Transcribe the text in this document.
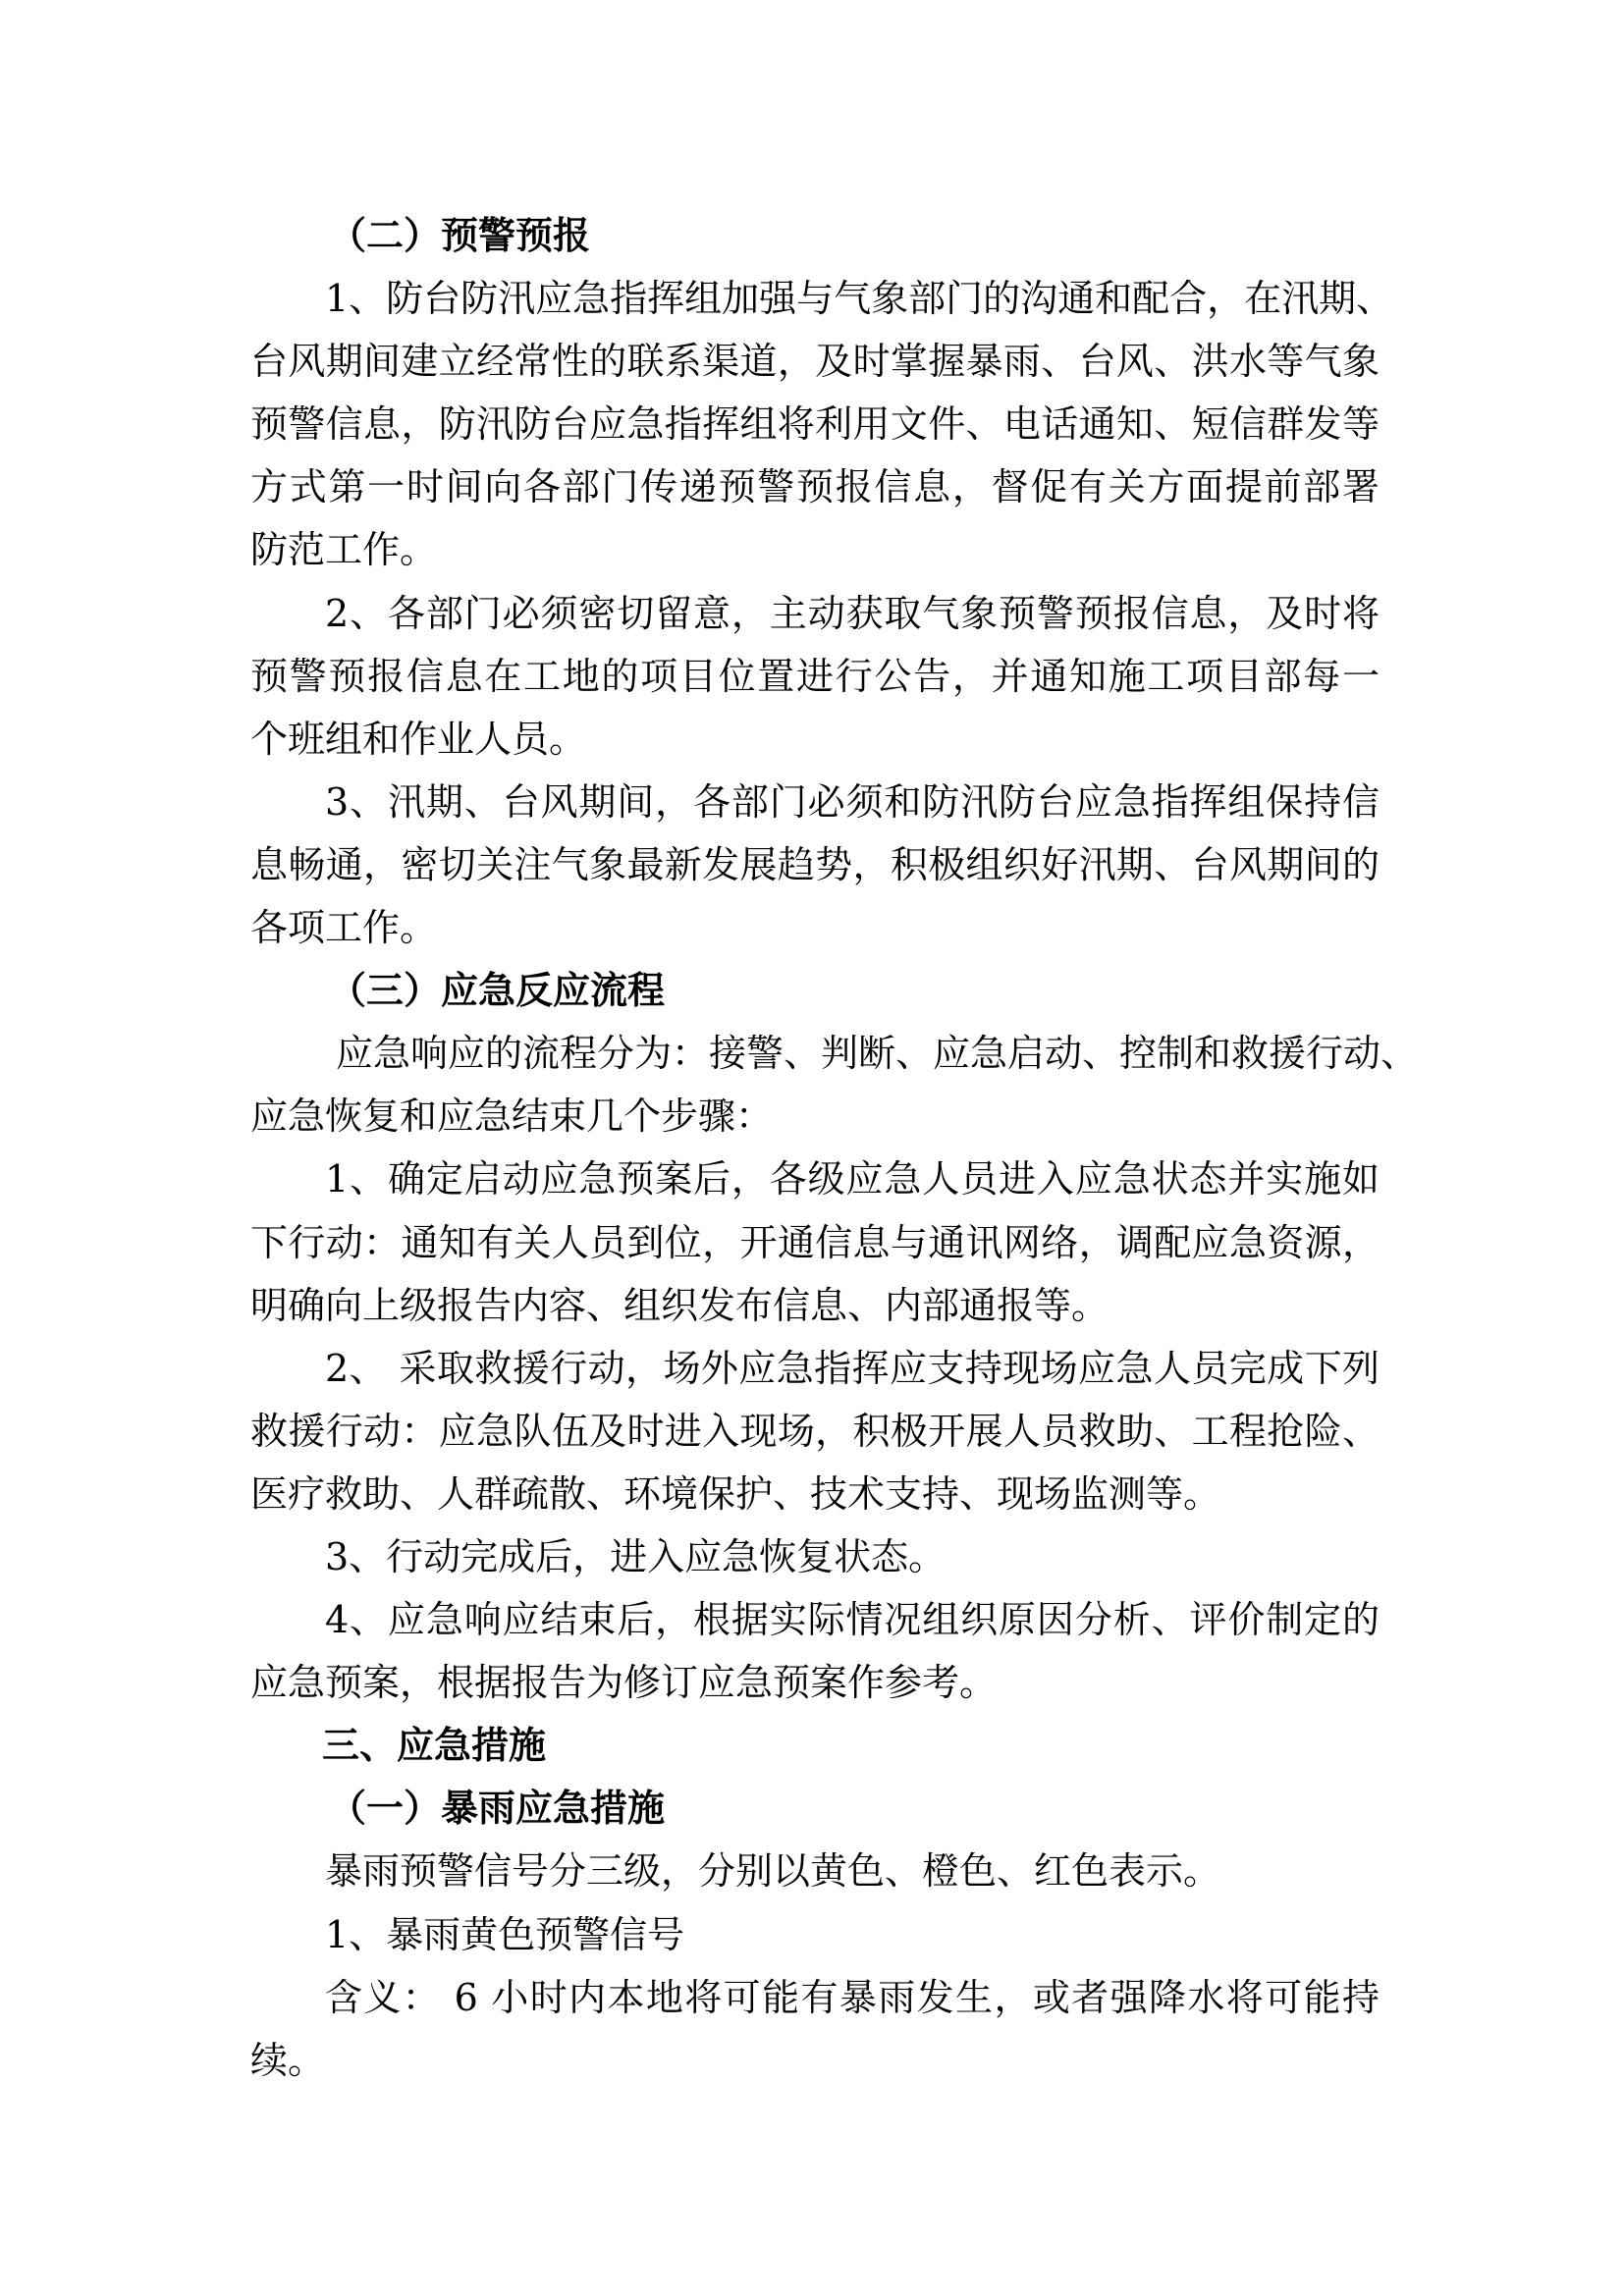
（二）预警预报
1、防台防汛应急指挥组加强与气象部门的沟通和配合，在汛期、
台风期间建立经常性的联系渠道，及时掌握暴雨、台风、洪水等气象
预警信息，防汛防台应急指挥组将利用文件、电话通知、短信群发等
方式第一时间向各部门传递预警预报信息，督促有关方面提前部署
防范工作。
2、各部门必须密切留意，主动获取气象预警预报信息，及时将
预警预报信息在工地的项目位置进行公告，并通知施工项目部每一
个班组和作业人员。
3、汛期、台风期间，各部门必须和防汛防台应急指挥组保持信
息畅通，密切关注气象最新发展趋势，积极组织好汛期、台风期间的
各项工作。
（三）应急反应流程
应急响应的流程分为：接警、判断、应急启动、控制和救援行动、
应急恢复和应急结束几个步骤：
1、确定启动应急预案后，各级应急人员进入应急状态并实施如
下行动：通知有关人员到位，开通信息与通讯网络，调配应急资源，
明确向上级报告内容、组织发布信息、内部通报等。
2、 采取救援行动，场外应急指挥应支持现场应急人员完成下列
救援行动：应急队伍及时进入现场，积极开展人员救助、工程抢险、
医疗救助、人群疏散、环境保护、技术支持、现场监测等。
3、行动完成后，进入应急恢复状态。
4、应急响应结束后，根据实际情况组织原因分析、评价制定的
应急预案，根据报告为修订应急预案作参考。
三、应急措施
（一）暴雨应急措施
暴雨预警信号分三级，分别以黄色、橙色、红色表示。
1、暴雨黄色预警信号
含义： 6 小时内本地将可能有暴雨发生，或者强降水将可能持
续。
